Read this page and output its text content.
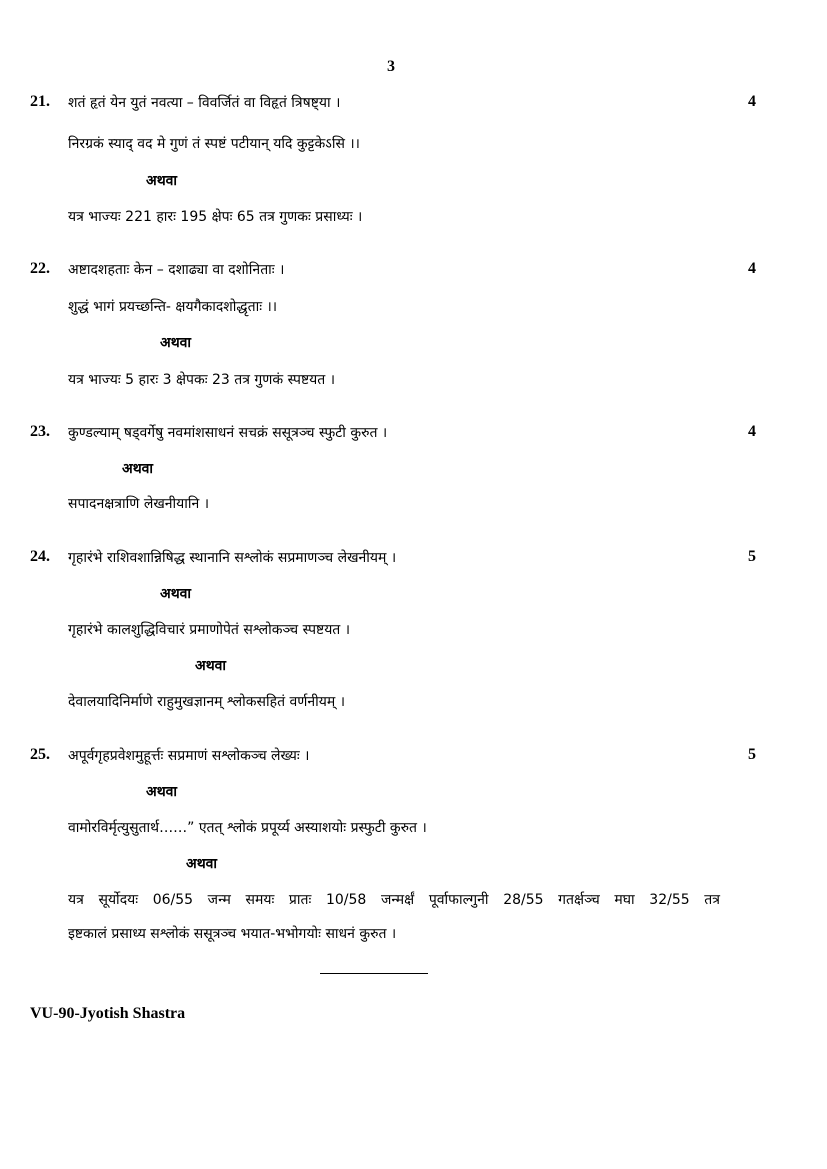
3
21. शतं हृतं येन युतं नवत्या – विवर्जितं वा विहृतं त्रिषष्ट्या ।	4
निरग्रकं स्याद् वद मे गुणं तं स्पष्टं पटीयान् यदि कुट्टकेऽसि ।।
अथवा
यत्र भाज्यः 221 हारः 195 क्षेपः 65 तत्र गुणकः प्रसाध्यः ।
22. अष्टादशहताः केन – दशाढ्या वा दशोनिताः ।	4
शुद्धं भागं प्रयच्छन्ति- क्षयगैकादशोद्धृताः ।।
अथवा
यत्र भाज्यः 5 हारः 3 क्षेपकः 23 तत्र गुणकं स्पष्टयत ।
23. कुण्डल्याम् षड्वर्गेषु नवमांशसाधनं सचक्रं ससूत्रञ्च स्फुटी कुरुत ।	4
अथवा
सपादनक्षत्राणि लेखनीयानि ।
24. गृहारंभे राशिवशान्निषिद्ध स्थानानि सश्लोकं सप्रमाणञ्च लेखनीयम् ।	5
अथवा
गृहारंभे कालशुद्धिविचारं प्रमाणोपेतं सश्लोकञ्च स्पष्टयत ।
अथवा
देवालयादिनिर्माणे राहुमुखज्ञानम् श्लोकसहितं वर्णनीयम् ।
25. अपूर्वगृहप्रवेशमुहूर्त्तः सप्रमाणं सश्लोकञ्च लेख्यः ।	5
अथवा
वामोरविर्मृत्युसुतार्थ……” एतत् श्लोकं प्रपूर्य्य अस्याशयोः प्रस्फुटी कुरुत ।
अथवा
यत्र सूर्योदयः 06/55 जन्म समयः प्रातः 10/58 जन्मर्क्षं पूर्वाफाल्गुनी 28/55 गतर्क्षञ्च मघा 32/55 तत्र
इष्टकालं प्रसाध्य सश्लोकं ससूत्रञ्च भयात-भभोगयोः साधनं कुरुत ।
VU-90-Jyotish Shastra
